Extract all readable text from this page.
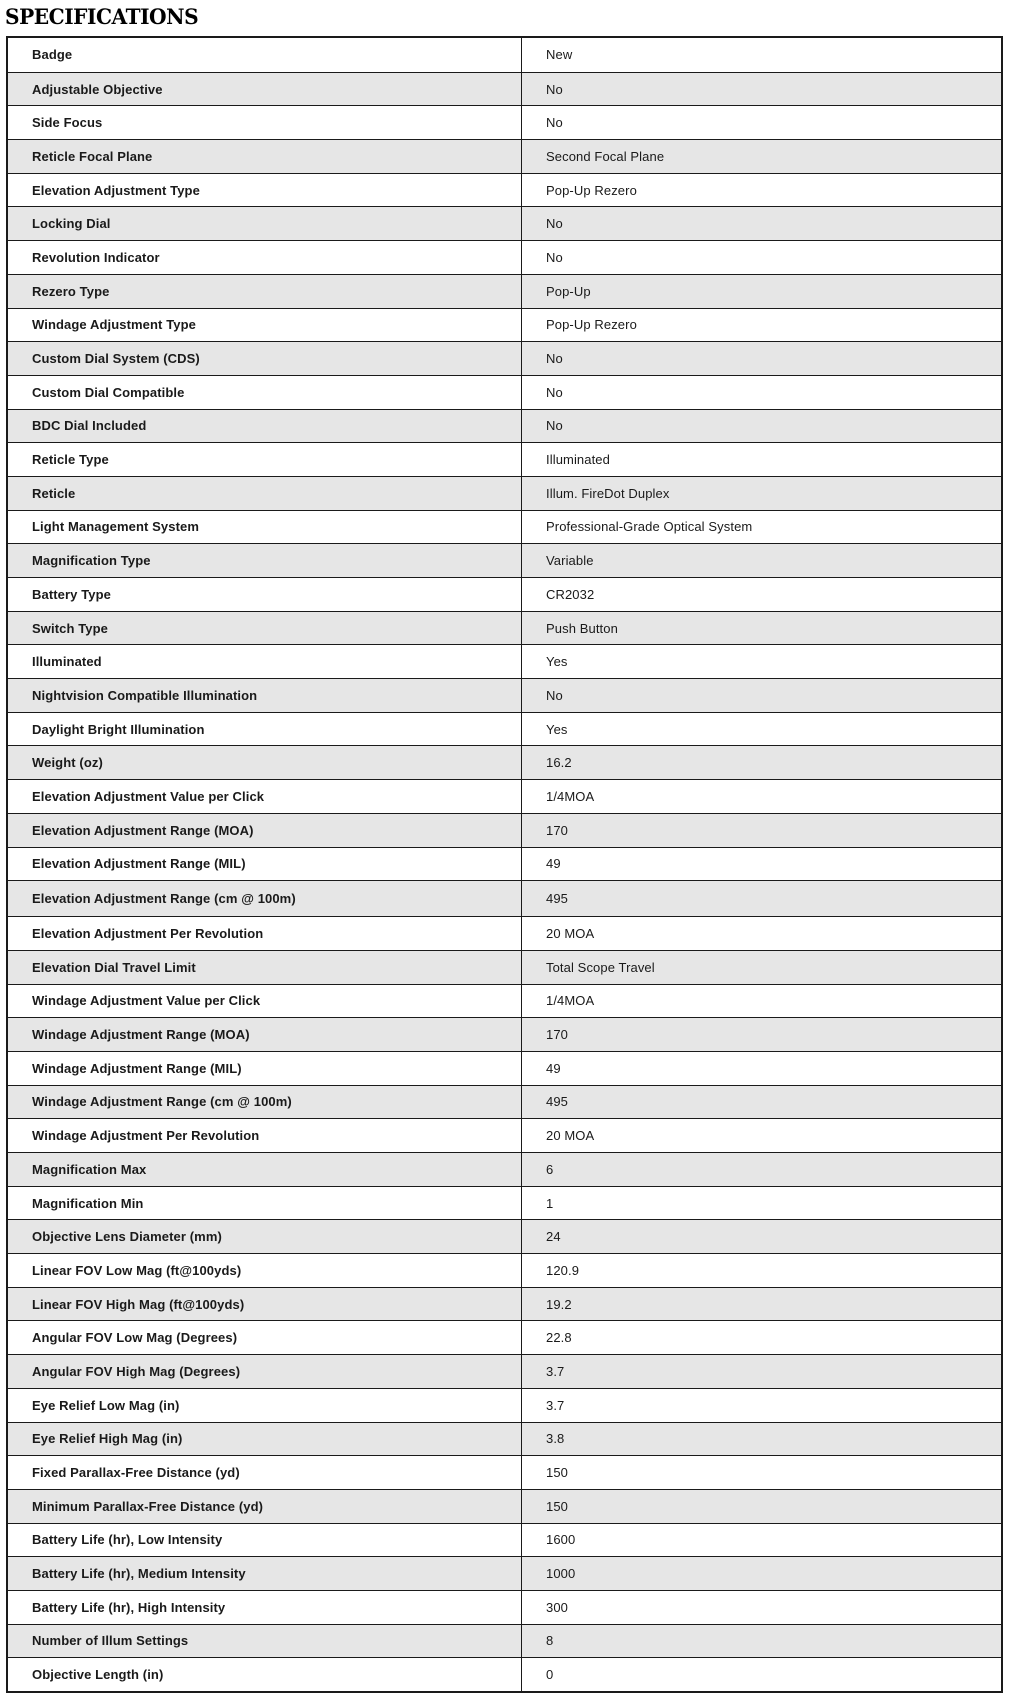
SPECIFICATIONS
Badge	New
Adjustable Objective	No
Side Focus	No
Reticle Focal Plane	Second Focal Plane
Elevation Adjustment Type	Pop-Up Rezero
Locking Dial	No
Revolution Indicator	No
Rezero Type	Pop-Up
Windage Adjustment Type	Pop-Up Rezero
Custom Dial System (CDS)	No
Custom Dial Compatible	No
BDC Dial Included	No
Reticle Type	Illuminated
Reticle	Illum. FireDot Duplex
Light Management System	Professional-Grade Optical System
Magnification Type	Variable
Battery Type	CR2032
Switch Type	Push Button
Illuminated	Yes
Nightvision Compatible Illumination	No
Daylight Bright Illumination	Yes
Weight (oz)	16.2
Elevation Adjustment Value per Click	1/4MOA
Elevation Adjustment Range (MOA)	170
Elevation Adjustment Range (MIL)	49
Elevation Adjustment Range (cm @ 100m)	495
Elevation Adjustment Per Revolution	20 MOA
Elevation Dial Travel Limit	Total Scope Travel
Windage Adjustment Value per Click	1/4MOA
Windage Adjustment Range (MOA)	170
Windage Adjustment Range (MIL)	49
Windage Adjustment Range (cm @ 100m)	495
Windage Adjustment Per Revolution	20 MOA
Magnification Max	6
Magnification Min	1
Objective Lens Diameter (mm)	24
Linear FOV Low Mag (ft@100yds)	120.9
Linear FOV High Mag (ft@100yds)	19.2
Angular FOV Low Mag (Degrees)	22.8
Angular FOV High Mag (Degrees)	3.7
Eye Relief Low Mag (in)	3.7
Eye Relief High Mag (in)	3.8
Fixed Parallax-Free Distance (yd)	150
Minimum Parallax-Free Distance (yd)	150
Battery Life (hr), Low Intensity	1600
Battery Life (hr), Medium Intensity	1000
Battery Life (hr), High Intensity	300
Number of Illum Settings	8
Objective Length (in)	0
